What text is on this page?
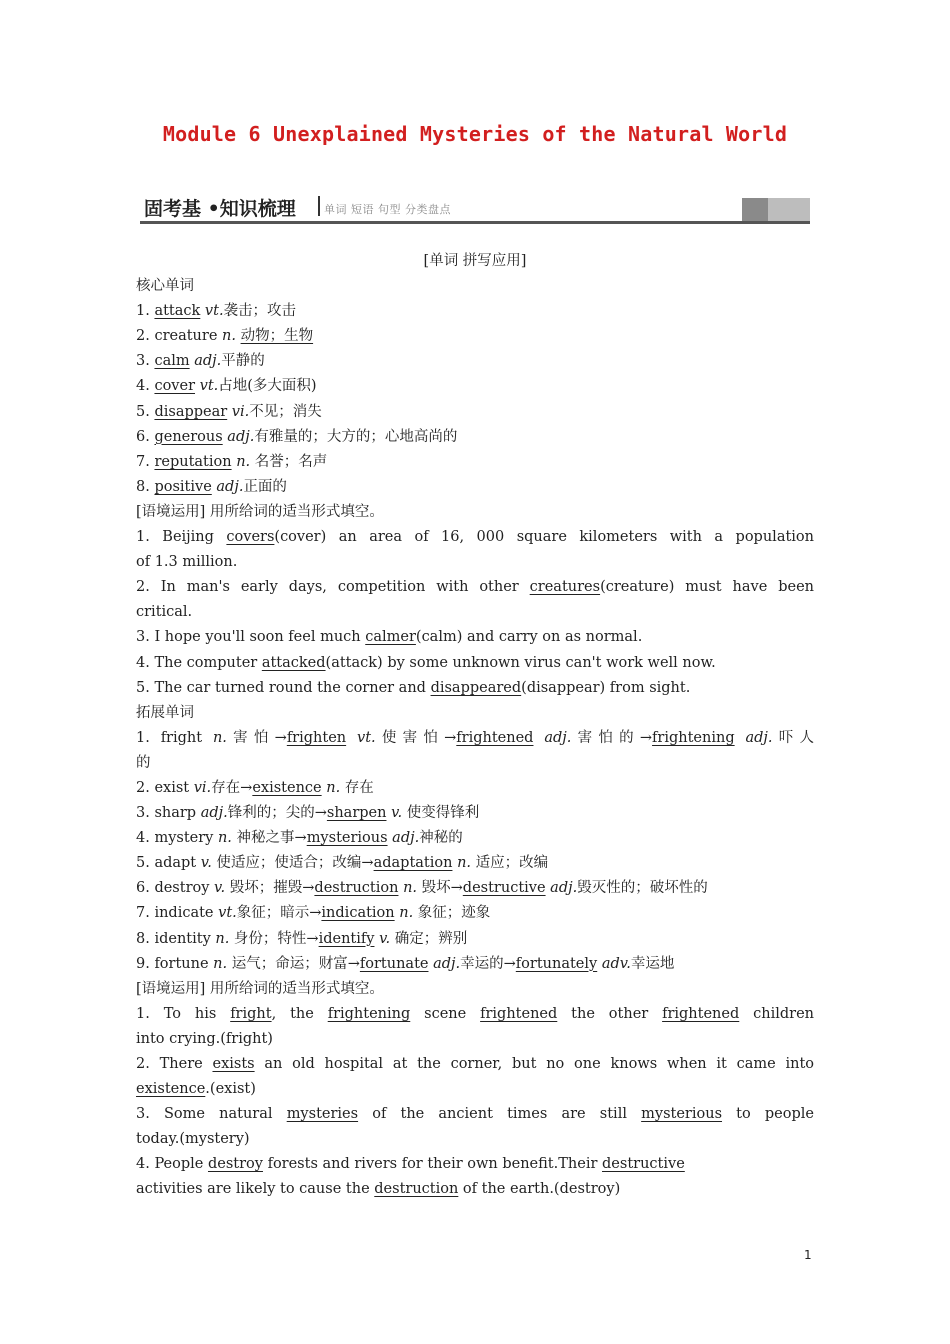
Module 6 Unexplained Mysteries of the Natural World
固考基 •知识梳理	单词 短语 句型 分类盘点
[单词 拼写应用]
核心单词
1. attack vt.袭击；攻击
2. creature n. 动物；生物
3. calm adj.平静的
4. cover vt.占地(多大面积)
5. disappear vi.不见；消失
6. generous adj.有雅量的；大方的；心地高尚的
7. reputation n. 名誉；名声
8. positive adj.正面的
[语境运用] 用所给词的适当形式填空。
1. Beijing covers(cover) an area of 16, 000 square kilometers with a population
of 1.3 million.
2. In man's early days, competition with other creatures(creature) must have been
critical.
3. I hope you'll soon feel much calmer(calm) and carry on as normal.
4. The computer attacked(attack) by some unknown virus can't work well now.
5. The car turned round the corner and disappeared(disappear) from sight.
拓展单词
1. fright n.害怕→frighten vt.使害怕→frightened adj.害怕的→frightening adj.吓人
的
2. exist vi.存在→existence n. 存在
3. sharp adj.锋利的；尖的→sharpen v. 使变得锋利
4. mystery n. 神秘之事→mysterious adj.神秘的
5. adapt v. 使适应；使适合；改编→adaptation n. 适应；改编
6. destroy v. 毁坏；摧毁→destruction n. 毁坏→destructive adj.毁灭性的；破坏性的
7. indicate vt.象征；暗示→indication n. 象征；迹象
8. identity n. 身份；特性→identify v. 确定；辨别
9. fortune n. 运气；命运；财富→fortunate adj.幸运的→fortunately adv.幸运地
[语境运用] 用所给词的适当形式填空。
1. To his fright, the frightening scene frightened the other frightened children
into crying.(fright)
2. There exists an old hospital at the corner, but no one knows when it came into
existence.(exist)
3. Some natural mysteries of the ancient times are still mysterious to people
today.(mystery)
4. People destroy forests and rivers for their own benefit.Their destructive
activities are likely to cause the destruction of the earth.(destroy)
1
